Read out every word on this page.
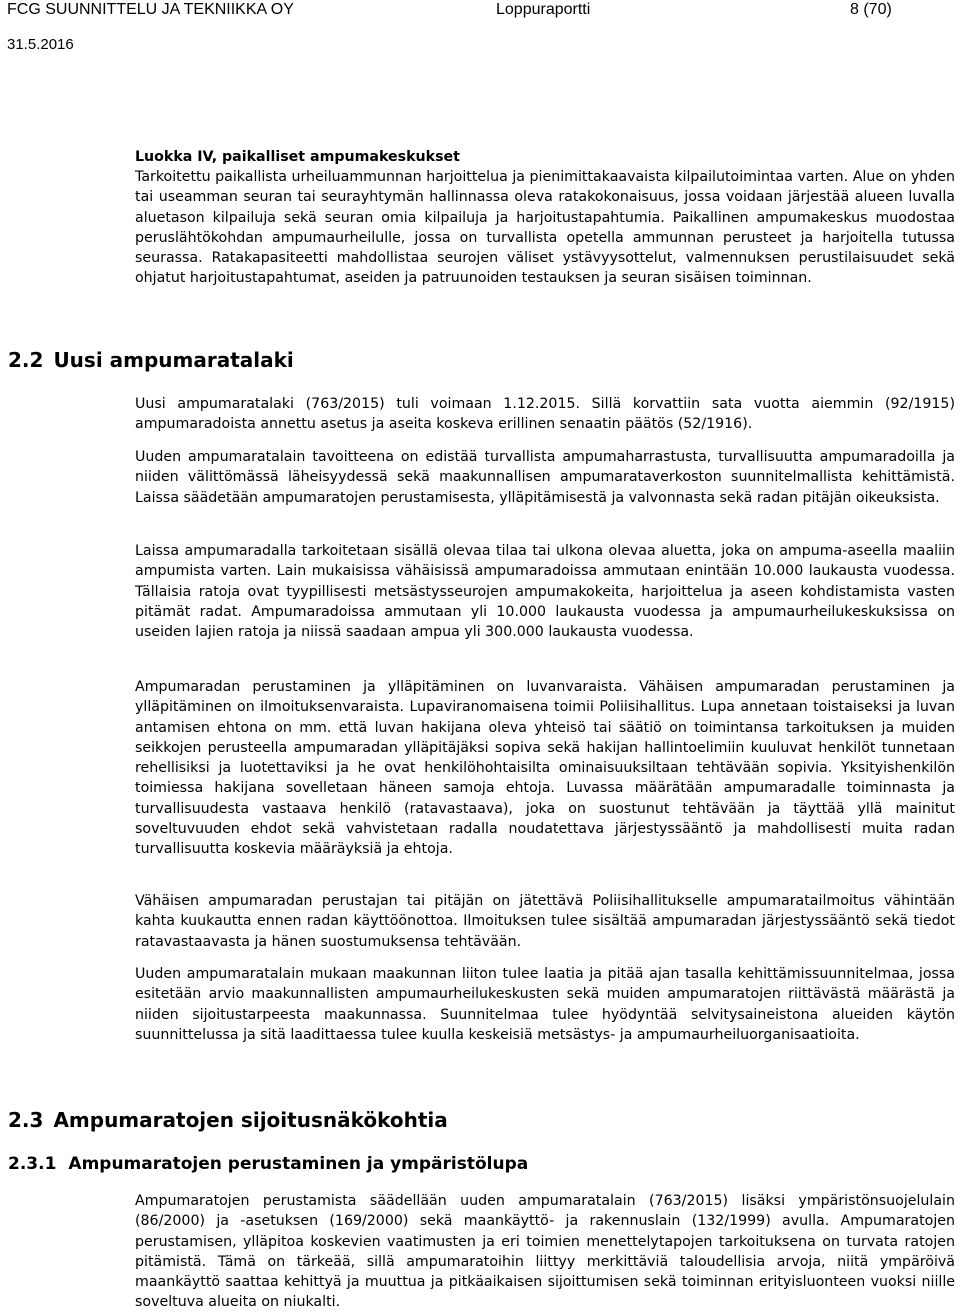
FCG SUUNNITTELU JA TEKNIIKKA OY	Loppuraportti	8 (70)
31.5.2016
Luokka IV, paikalliset ampumakeskukset
Tarkoitettu paikallista urheiluammunnan harjoittelua ja pienimittakaavaista kilpailutoimintaa varten. Alue on yhden tai useamman seuran tai seurayhtymän hallinnassa oleva ratakokonaisuus, jossa voidaan järjestää alueen luvalla aluetason kilpailuja sekä seuran omia kilpailuja ja harjoitustapahtumia. Paikallinen ampumakeskus muodostaa peruslähtökohdan ampumaurheilulle, jossa on turvallista opetella ammunnan perusteet ja harjoitella tutussa seurassa. Ratakapasiteetti mahdollistaa seurojen väliset ystävyysottelut, valmennuksen perustilaisuudet sekä ohjatut harjoitustapahtumat, aseiden ja patruunoiden testauksen ja seuran sisäisen toiminnan.
2.2 Uusi ampumaratalaki
Uusi ampumaratalaki (763/2015) tuli voimaan 1.12.2015. Sillä korvattiin sata vuotta aiemmin (92/1915) ampumaradoista annettu asetus ja aseita koskeva erillinen senaatin päätös (52/1916).
Uuden ampumaratalain tavoitteena on edistää turvallista ampumaharrastusta, turvallisuutta ampumaradoilla ja niiden välittömässä läheisyydessä sekä maakunnallisen ampumarataverkoston suunnitelmallista kehittämistä. Laissa säädetään ampumaratojen perustamisesta, ylläpitämisestä ja valvonnasta sekä radan pitäjän oikeuksista.
Laissa ampumaradalla tarkoitetaan sisällä olevaa tilaa tai ulkona olevaa aluetta, joka on ampuma-aseella maaliin ampumista varten. Lain mukaisissa vähäisissä ampumaradoissa ammutaan enintään 10.000 laukausta vuodessa. Tällaisia ratoja ovat tyypillisesti metsästysseurojen ampumakokeita, harjoittelua ja aseen kohdistamista vasten pitämät radat. Ampumaradoissa ammutaan yli 10.000 laukausta vuodessa ja ampumaurheilukeskuksissa on useiden lajien ratoja ja niissä saadaan ampua yli 300.000 laukausta vuodessa.
Ampumaradan perustaminen ja ylläpitäminen on luvanvaraista. Vähäisen ampumaradan perustaminen ja ylläpitäminen on ilmoituksenvaraista. Lupaviranomaisena toimii Poliisihallitus. Lupa annetaan toistaiseksi ja luvan antamisen ehtona on mm. että luvan hakijana oleva yhteisö tai säätiö on toimintansa tarkoituksen ja muiden seikkojen perusteella ampumaradan ylläpitäjäksi sopiva sekä hakijan hallintoelimiin kuuluvat henkilöt tunnetaan rehellisiksi ja luotettaviksi ja he ovat henkilöhohtaisilta ominaisuuksiltaan tehtävään sopivia. Yksityishenkilön toimiessa hakijana sovelletaan häneen samoja ehtoja. Luvassa määrätään ampumaradalle toiminnasta ja turvallisuudesta vastaava henkilö (ratavastaava), joka on suostunut tehtävään ja täyttää yllä mainitut soveltuvuuden ehdot sekä vahvistetaan radalla noudatettava järjestyssääntö ja mahdollisesti muita radan turvallisuutta koskevia määräyksiä ja ehtoja.
Vähäisen ampumaradan perustajan tai pitäjän on jätettävä Poliisihallitukselle ampumaratailmoitus vähintään kahta kuukautta ennen radan käyttöönottoa. Ilmoituksen tulee sisältää ampumaradan järjestyssääntö sekä tiedot ratavastaavasta ja hänen suostumuksensa tehtävään.
Uuden ampumaratalain mukaan maakunnan liiton tulee laatia ja pitää ajan tasalla kehittämissuunnitelmaa, jossa esitetään arvio maakunnallisten ampumaurheilukeskusten sekä muiden ampumaratojen riittävästä määrästä ja niiden sijoitustarpeesta maakunnassa. Suunnitelmaa tulee hyödyntää selvitysaineistona alueiden käytön suunnittelussa ja sitä laadittaessa tulee kuulla keskeisiä metsästys- ja ampumaurheiluorganisaatioita.
2.3 Ampumaratojen sijoitusnäkökohtia
2.3.1 Ampumaratojen perustaminen ja ympäristölupa
Ampumaratojen perustamista säädellään uuden ampumaratalain (763/2015) lisäksi ympäristönsuojelulain (86/2000) ja -asetuksen (169/2000) sekä maankäyttö- ja rakennuslain (132/1999) avulla. Ampumaratojen perustamisen, ylläpitoa koskevien vaatimusten ja eri toimien menettelytapojen tarkoituksena on turvata ratojen pitämistä. Tämä on tärkeää, sillä ampumaratoihin liittyy merkittäviä taloudellisia arvoja, niitä ympäröivä maankäyttö saattaa kehittyä ja muuttua ja pitkäaikaisen sijoittumisen sekä toiminnan erityisluonteen vuoksi niille soveltuva alueita on niukalti.
